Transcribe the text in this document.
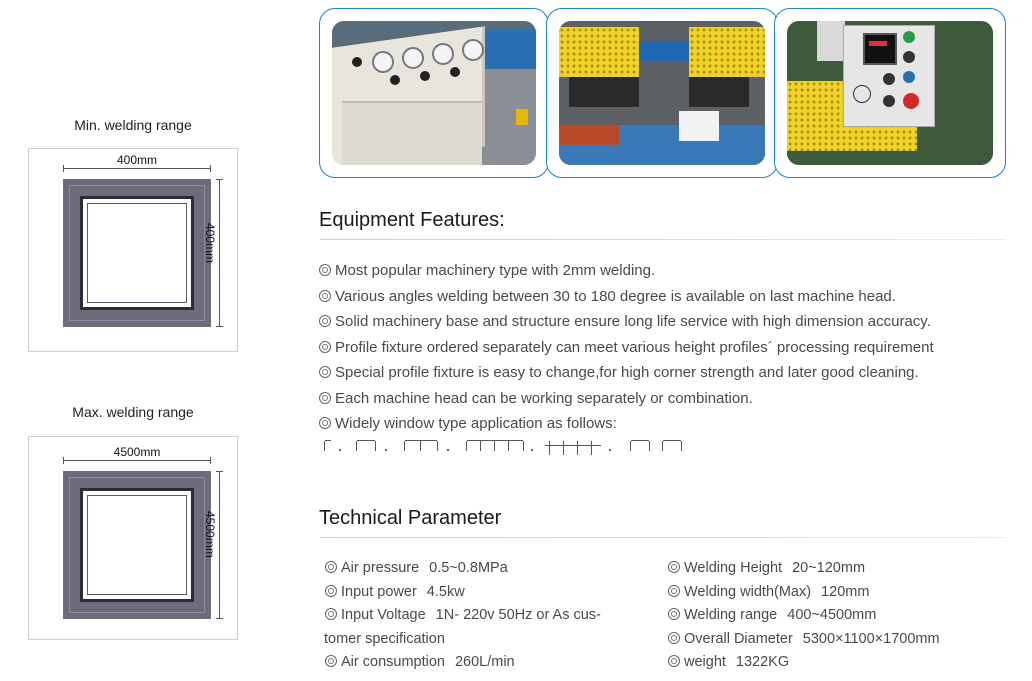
Min. welding range
400mm
400mm
Max. welding range
4500mm
4500mm
Equipment Features:
Most popular machinery type with 2mm welding.
Various angles welding between 30 to 180 degree is available on last machine head.
Solid machinery base and structure ensure long life service with high dimension accuracy.
Profile fixture ordered separately can meet various height profiles´ processing requirement
Special profile fixture is easy to change,for high corner strength and later good cleaning.
Each machine head can be working separately or combination.
Widely window type application as follows:
Technical Parameter
Air pressure 0.5~0.8MPa
Input power 4.5kw
Input Voltage 1N- 220v 50Hz or As cus-
tomer specification
Air consumption 260L/min
Welding Height 20~120mm
Welding width(Max) 120mm
Welding range 400~4500mm
Overall Diameter 5300×1100×1700mm
weight 1322KG
